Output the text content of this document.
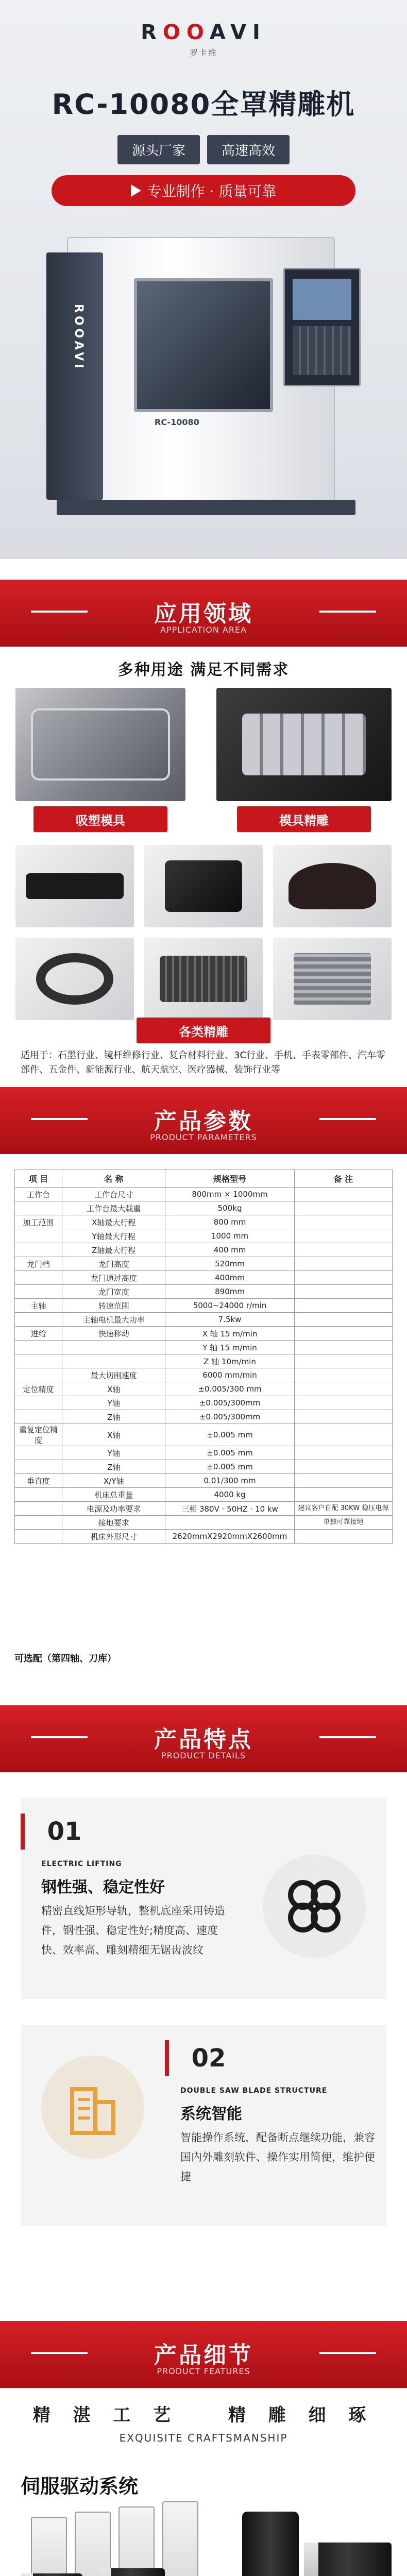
ROOAVI
罗卡维
RC-10080全罩精雕机
源头厂家	高速高效
专业制作 · 质量可靠
ROOAVI
RC-10080
应用领域
APPLICATION AREA
多种用途 满足不同需求
吸塑模具	模具精雕
各类精雕
适用于：石墨行业、镜杆维修行业、复合材料行业、3C行业、手机、手表零部件、汽车零部件、五金件、新能源行业、航天航空、医疗器械、装饰行业等
产品参数
PRODUCT PARAMETERS
项 目	名 称	规格型号	备 注
工作台	工作台尺寸	800mm × 1000mm	
	工作台最大载重	500kg	
加工范围	X轴最大行程	800 mm	
	Y轴最大行程	1000 mm	
	Z轴最大行程	400 mm	
龙门档	龙门高度	520mm	
	龙门通过高度	400mm	
	龙门宽度	890mm	
主轴	转速范围	5000~24000 r/min	
	主轴电机最大功率	7.5kw	
进给	快速移动	X 轴 15 m/min	
		Y 轴 15 m/min	
		Z 轴 10m/min	
	最大切削速度	6000 mm/min	
定位精度	X轴	±0.005/300 mm	
	Y轴	±0.005/300mm	
	Z轴	±0.005/300mm	
重复定位精度	X轴	±0.005 mm	
	Y轴	±0.005 mm	
	Z轴	±0.005 mm	
垂直度	X/Y轴	0.01/300 mm	
	机床总重量	4000 kg	
	电源及功率要求	三相 380V · 50HZ · 10 kw	建议客户自配 30KW 稳压电源
	接地要求		单独可靠接地
	机床外形尺寸	2620mmX2920mmX2600mm	
可选配（第四轴、刀库）
产品特点
PRODUCT DETAILS
01
ELECTRIC LIFTING
钢性强、稳定性好
精密直线矩形导轨，整机底座采用铸造件，钢性强、稳定性好;精度高、速度快、效率高、雕刻精细无锯齿波纹
02
DOUBLE SAW BLADE STRUCTURE
系统智能
智能操作系统，配备断点继续功能，兼容国内外雕刻软件、操作实用简便，维护便捷
产品细节
PRODUCT FEATURES
精 湛 工 艺	精 雕 细 琢
EXQUISITE CRAFTSMANSHIP
伺服驱动系统
